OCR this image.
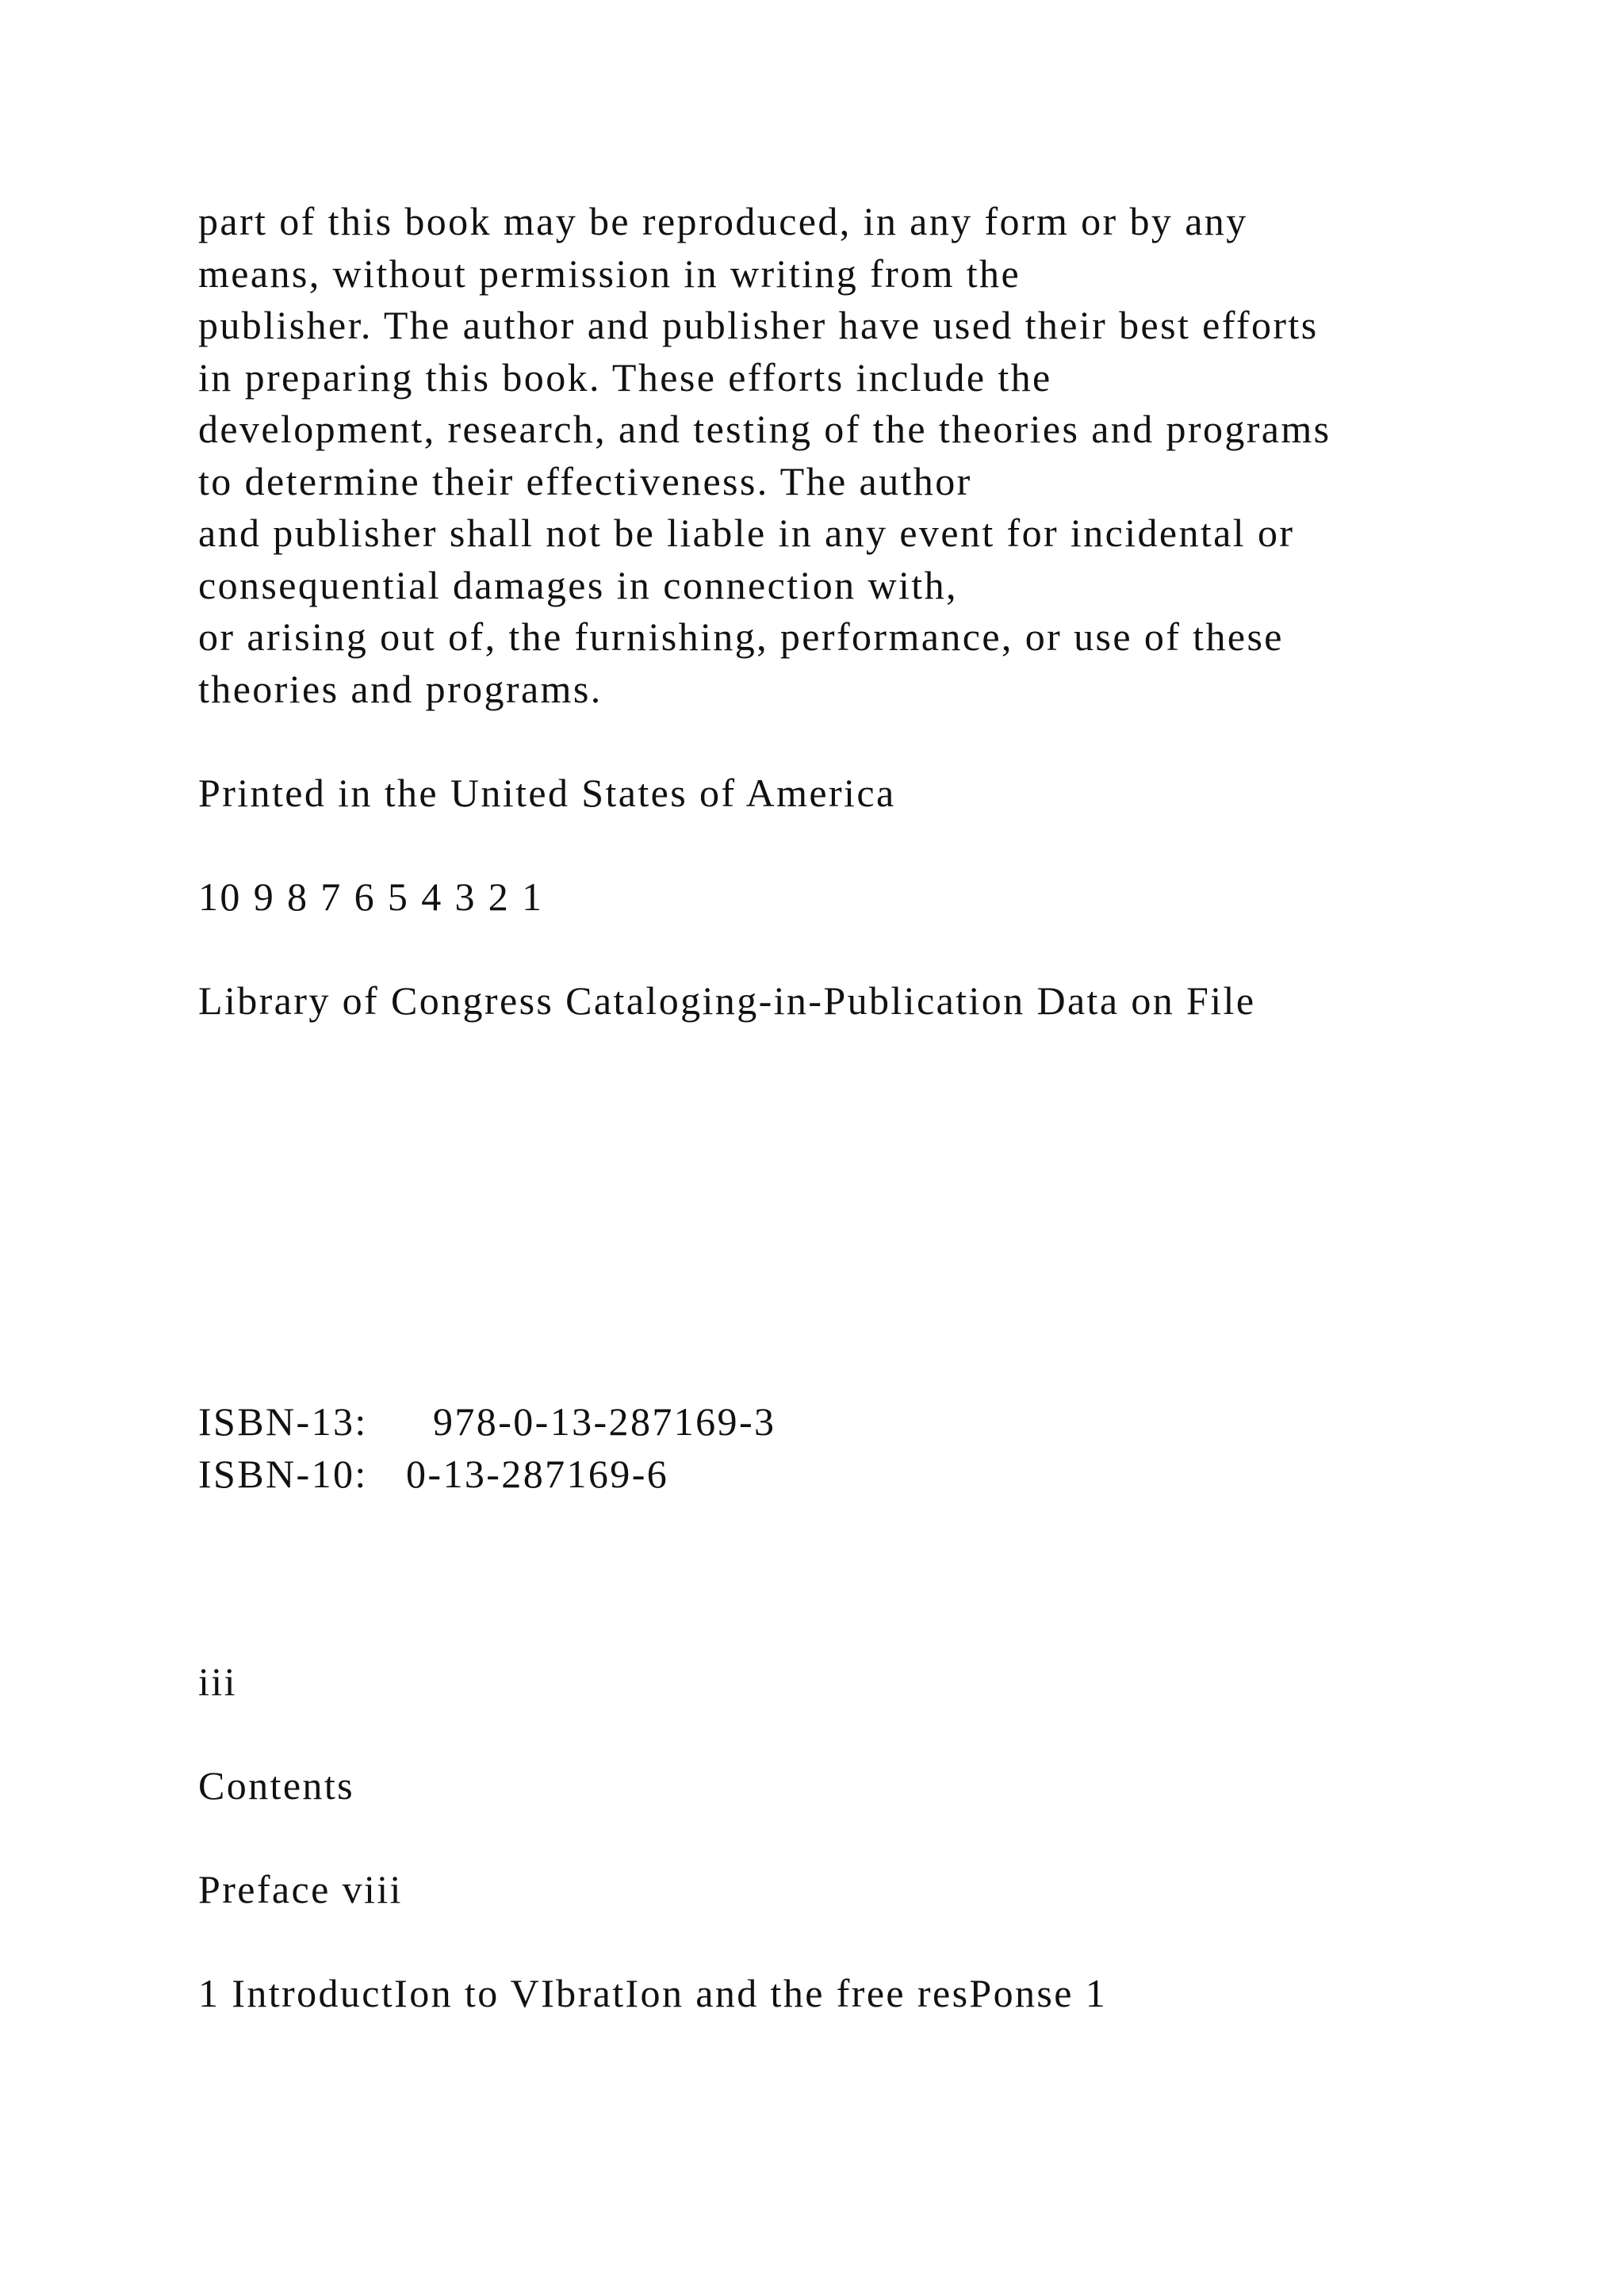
part of this book may be reproduced, in any form or by any
means, without permission in writing from the
publisher. The author and publisher have used their best efforts
in preparing this book. These efforts include the
development, research, and testing of the theories and programs
to determine their effectiveness. The author
and publisher shall not be liable in any event for incidental or
consequential damages in connection with,
or arising out of, the furnishing, performance, or use of these
theories and programs.

Printed in the United States of America

10 9 8 7 6 5 4 3 2 1

Library of Congress Cataloging-in-Publication Data on File

ISBN-13: 978-0-13-287169-3
ISBN-10: 0-13-287169-6

iii

Contents

Preface viii

1 IntroductIon to VIbratIon and the free resPonse 1
